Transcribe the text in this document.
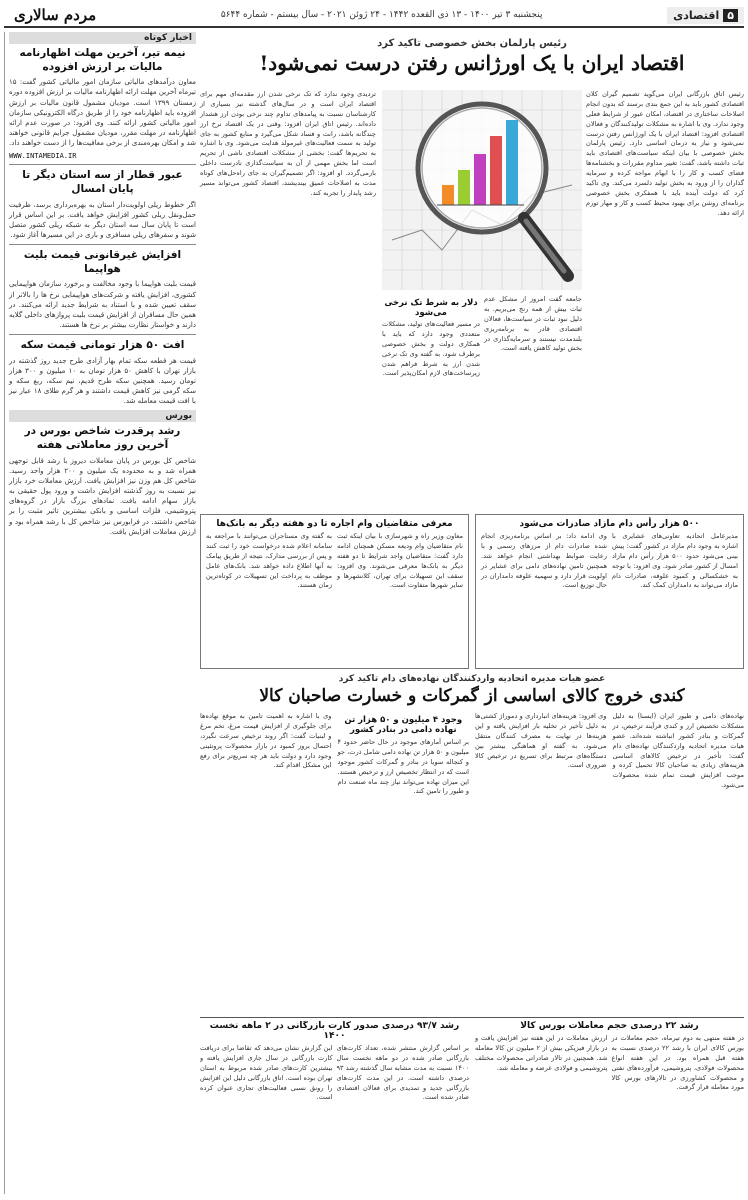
۵
اقتصادی
پنجشنبه ۳ تیر ۱۴۰۰ - ۱۳ ذی القعده ۱۴۴۲ - ۲۴ ژوئن ۲۰۲۱ - سال بیستم - شماره ۵۶۴۴
مردم سالاری
اخبار کوتاه
نیمه تیر، آخرین مهلت اظهارنامه مالیات بر ارزش افزوده

معاون درآمدهای مالیاتی سازمان امور مالیاتی کشور گفت: ۱۵ تیرماه آخرین مهلت ارائه اظهارنامه مالیات بر ارزش افزوده دوره زمستان ۱۳۹۹ است. مودیان مشمول قانون مالیات بر ارزش افزوده باید اظهارنامه خود را از طریق درگاه الکترونیکی سازمان امور مالیاتی کشور ارائه کنند. وی افزود: در صورت عدم ارائه اظهارنامه در مهلت مقرر، مودیان مشمول جرایم قانونی خواهند شد و امکان بهره‌مندی از برخی معافیت‌ها را از دست خواهند داد.

WWW.INTAMEDIA.IR
عبور قطار از سه استان دیگر تا پایان امسال

اگر خطوط ریلی اولویت‌دار استان به بهره‌برداری برسد، ظرفیت حمل‌ونقل ریلی کشور افزایش خواهد یافت. بر این اساس قرار است تا پایان سال سه استان دیگر به شبکه ریلی کشور متصل شوند و سفرهای ریلی مسافری و باری در این مسیرها آغاز شود.

افزایش غیرقانونی قیمت بلیت هواپیما

قیمت بلیت هواپیما با وجود مخالفت و برخورد سازمان هواپیمایی کشوری، افزایش یافته و شرکت‌های هواپیمایی نرخ ها را بالاتر از سقف تعیین شده و با استناد به شرایط جدید ارائه می‌کنند. در همین حال مسافران از افزایش قیمت بلیت پروازهای داخلی گلایه دارند و خواستار نظارت بیشتر بر نرخ ها هستند.

افت ۵۰ هزار تومانی قیمت سکه

قیمت هر قطعه سکه تمام بهار آزادی طرح جدید روز گذشته در بازار تهران با کاهش ۵۰ هزار تومان به ۱۰ میلیون و ۳۰۰ هزار تومان رسید. همچنین سکه طرح قدیم، نیم سکه، ربع سکه و سکه گرمی نیز کاهش قیمت داشتند و هر گرم طلای ۱۸ عیار نیز با افت قیمت معامله شد.

بورس
رشد پرقدرت شاخص بورس در آخرین روز معاملاتی هفته

شاخص کل بورس در پایان معاملات دیروز با رشد قابل توجهی همراه شد و به محدوده یک میلیون و ۲۰۰ هزار واحد رسید. شاخص کل هم وزن نیز افزایش یافت. ارزش معاملات خرد بازار نیز نسبت به روز گذشته افزایش داشت و ورود پول حقیقی به بازار سهام ادامه یافت. نمادهای بزرگ بازار در گروه‌های پتروشیمی، فلزات اساسی و بانکی بیشترین تاثیر مثبت را بر شاخص داشتند. در فرابورس نیز شاخص کل با رشد همراه بود و ارزش معاملات افزایش یافت.

رئیس پارلمان بخش خصوصی تاکید کرد
اقتصاد ایران با یک اورژانس رفتن درست نمی‌شود!

رئیس اتاق بازرگانی ایران می‌گوید تصمیم گیران کلان اقتصادی کشور باید به این جمع بندی برسند که بدون انجام اصلاحات ساختاری در اقتصاد، امکان عبور از شرایط فعلی وجود ندارد. وی با اشاره به مشکلات تولیدکنندگان و فعالان اقتصادی افزود: اقتصاد ایران با یک اورژانس رفتن درست نمی‌شود و نیاز به درمان اساسی دارد. رئیس پارلمان بخش خصوصی با بیان اینکه سیاست‌های اقتصادی باید ثبات داشته باشد، گفت: تغییر مداوم مقررات و بخشنامه‌ها فضای کسب و کار را با ابهام مواجه کرده و سرمایه گذاران را از ورود به بخش تولید دلسرد می‌کند. وی تاکید کرد که دولت آینده باید با همفکری بخش خصوصی برنامه‌ای روشن برای بهبود محیط کسب و کار و مهار تورم ارائه دهد.

جامعه گفت امروز از مشکل عدم ثبات بیش از همه رنج می‌بریم. به دلیل نبود ثبات در سیاست‌ها، فعالان اقتصادی قادر به برنامه‌ریزی بلندمدت نیستند و سرمایه‌گذاری در بخش تولید کاهش یافته است.

دلار به شرط تک نرخی می‌شود

در مسیر فعالیت‌های تولید، مشکلات متعددی وجود دارد که باید با همکاری دولت و بخش خصوصی برطرف شود. به گفته وی تک نرخی شدن ارز به شرط فراهم شدن زیرساخت‌های لازم امکان‌پذیر است.

تردیدی وجود ندارد که تک نرخی شدن ارز مقدمه‌ای مهم برای اقتصاد ایران است و در سال‌های گذشته نیز بسیاری از کارشناسان نسبت به پیامدهای تداوم چند نرخی بودن ارز هشدار داده‌اند. رئیس اتاق ایران افزود: وقتی در یک اقتصاد نرخ ارز چندگانه باشد، رانت و فساد شکل می‌گیرد و منابع کشور به جای تولید به سمت فعالیت‌های غیرمولد هدایت می‌شود. وی با اشاره به تحریم‌ها گفت: بخشی از مشکلات اقتصادی ناشی از تحریم است اما بخش مهمی از آن به سیاست‌گذاری نادرست داخلی بازمی‌گردد. او افزود: اگر تصمیم‌گیران به جای راه‌حل‌های کوتاه مدت به اصلاحات عمیق بیندیشند، اقتصاد کشور می‌تواند مسیر رشد پایدار را تجربه کند.

۵۰۰ هزار رأس دام مازاد صادرات می‌شود

مدیرعامل اتحادیه تعاونی‌های عشایری با اشاره به وجود دام مازاد در کشور گفت: پیش بینی می‌شود حدود ۵۰۰ هزار رأس دام مازاد امسال از کشور صادر شود. وی افزود: با توجه به خشکسالی و کمبود علوفه، صادرات دام مازاد می‌تواند به دامداران کمک کند.

وی ادامه داد: بر اساس برنامه‌ریزی انجام شده صادرات دام از مرزهای رسمی و با رعایت ضوابط بهداشتی انجام خواهد شد. همچنین تامین نهاده‌های دامی برای عشایر در اولویت قرار دارد و سهمیه علوفه دامداران در حال توزیع است.

معرفی متقاضیان وام اجاره تا دو هفته دیگر به بانک‌ها

معاون وزیر راه و شهرسازی با بیان اینکه ثبت نام متقاضیان وام ودیعه مسکن همچنان ادامه دارد گفت: متقاضیان واجد شرایط تا دو هفته دیگر به بانک‌ها معرفی می‌شوند. وی افزود: سقف این تسهیلات برای تهران، کلانشهرها و سایر شهرها متفاوت است.

به گفته وی مستاجران می‌توانند با مراجعه به سامانه اعلام شده درخواست خود را ثبت کنند و پس از بررسی مدارک، نتیجه از طریق پیامک به آنها اطلاع داده خواهد شد. بانک‌های عامل موظف به پرداخت این تسهیلات در کوتاه‌ترین زمان هستند.

عضو هیات مدیره اتحادیه واردکنندگان نهاده‌های دام تاکید کرد
کندی خروج کالای اساسی از گمرکات و خسارت صاحبان کالا

نهاده‌های دامی و طیور ایران (ایسنا) به دلیل مشکلات تخصیص ارز و کندی فرآیند ترخیص، در گمرکات و بنادر کشور انباشته شده‌اند. عضو هیات مدیره اتحادیه واردکنندگان نهاده‌های دام گفت: تأخیر در ترخیص کالاهای اساسی هزینه‌های زیادی به صاحبان کالا تحمیل کرده و موجب افزایش قیمت تمام شده محصولات می‌شود.

وی افزود: هزینه‌های انبارداری و دموراژ کشتی‌ها به دلیل تأخیر در تخلیه بار افزایش یافته و این هزینه‌ها در نهایت به مصرف کنندگان منتقل می‌شود. به گفته او هماهنگی بیشتر بین دستگاه‌های مرتبط برای تسریع در ترخیص کالا ضروری است.

وجود ۴ میلیون و ۵۰ هزار تن نهاده دامی در بنادر کشور

بر اساس آمارهای موجود در حال حاضر حدود ۴ میلیون و ۵۰ هزار تن نهاده دامی شامل ذرت، جو و کنجاله سویا در بنادر و گمرکات کشور موجود است که در انتظار تخصیص ارز و ترخیص هستند. این میزان نهاده می‌تواند نیاز چند ماه صنعت دام و طیور را تامین کند.

وی با اشاره به اهمیت تامین به موقع نهاده‌ها برای جلوگیری از افزایش قیمت مرغ، تخم مرغ و لبنیات گفت: اگر روند ترخیص سرعت نگیرد، احتمال بروز کمبود در بازار محصولات پروتئینی وجود دارد و دولت باید هر چه سریع‌تر برای رفع این مشکل اقدام کند.

رشد ۲۲ درصدی حجم معاملات بورس کالا

در هفته منتهی به دوم تیرماه، حجم معاملات در بورس کالای ایران با رشد ۲۲ درصدی نسبت به هفته قبل همراه بود. در این هفته انواع محصولات فولادی، پتروشیمی، فرآورده‌های نفتی و محصولات کشاورزی در تالارهای بورس کالا مورد معامله قرار گرفت.

ارزش معاملات در این هفته نیز افزایش یافت و در بازار فیزیکی بیش از ۲ میلیون تن کالا معامله شد. همچنین در تالار صادراتی محصولات مختلف پتروشیمی و فولادی عرضه و معامله شد.

رشد ۹۳/۷ درصدی صدور کارت بازرگانی در ۲ ماهه نخست ۱۴۰۰

بر اساس گزارش منتشر شده، تعداد کارت‌های بازرگانی صادر شده در دو ماهه نخست سال ۱۴۰۰ نسبت به مدت مشابه سال گذشته رشد ۹۳ درصدی داشته است. در این مدت کارت‌های بازرگانی جدید و تمدیدی برای فعالان اقتصادی صادر شده است.

این گزارش نشان می‌دهد که تقاضا برای دریافت کارت بازرگانی در سال جاری افزایش یافته و بیشترین کارت‌های صادر شده مربوط به استان تهران بوده است. اتاق بازرگانی دلیل این افزایش را رونق نسبی فعالیت‌های تجاری عنوان کرده است.
